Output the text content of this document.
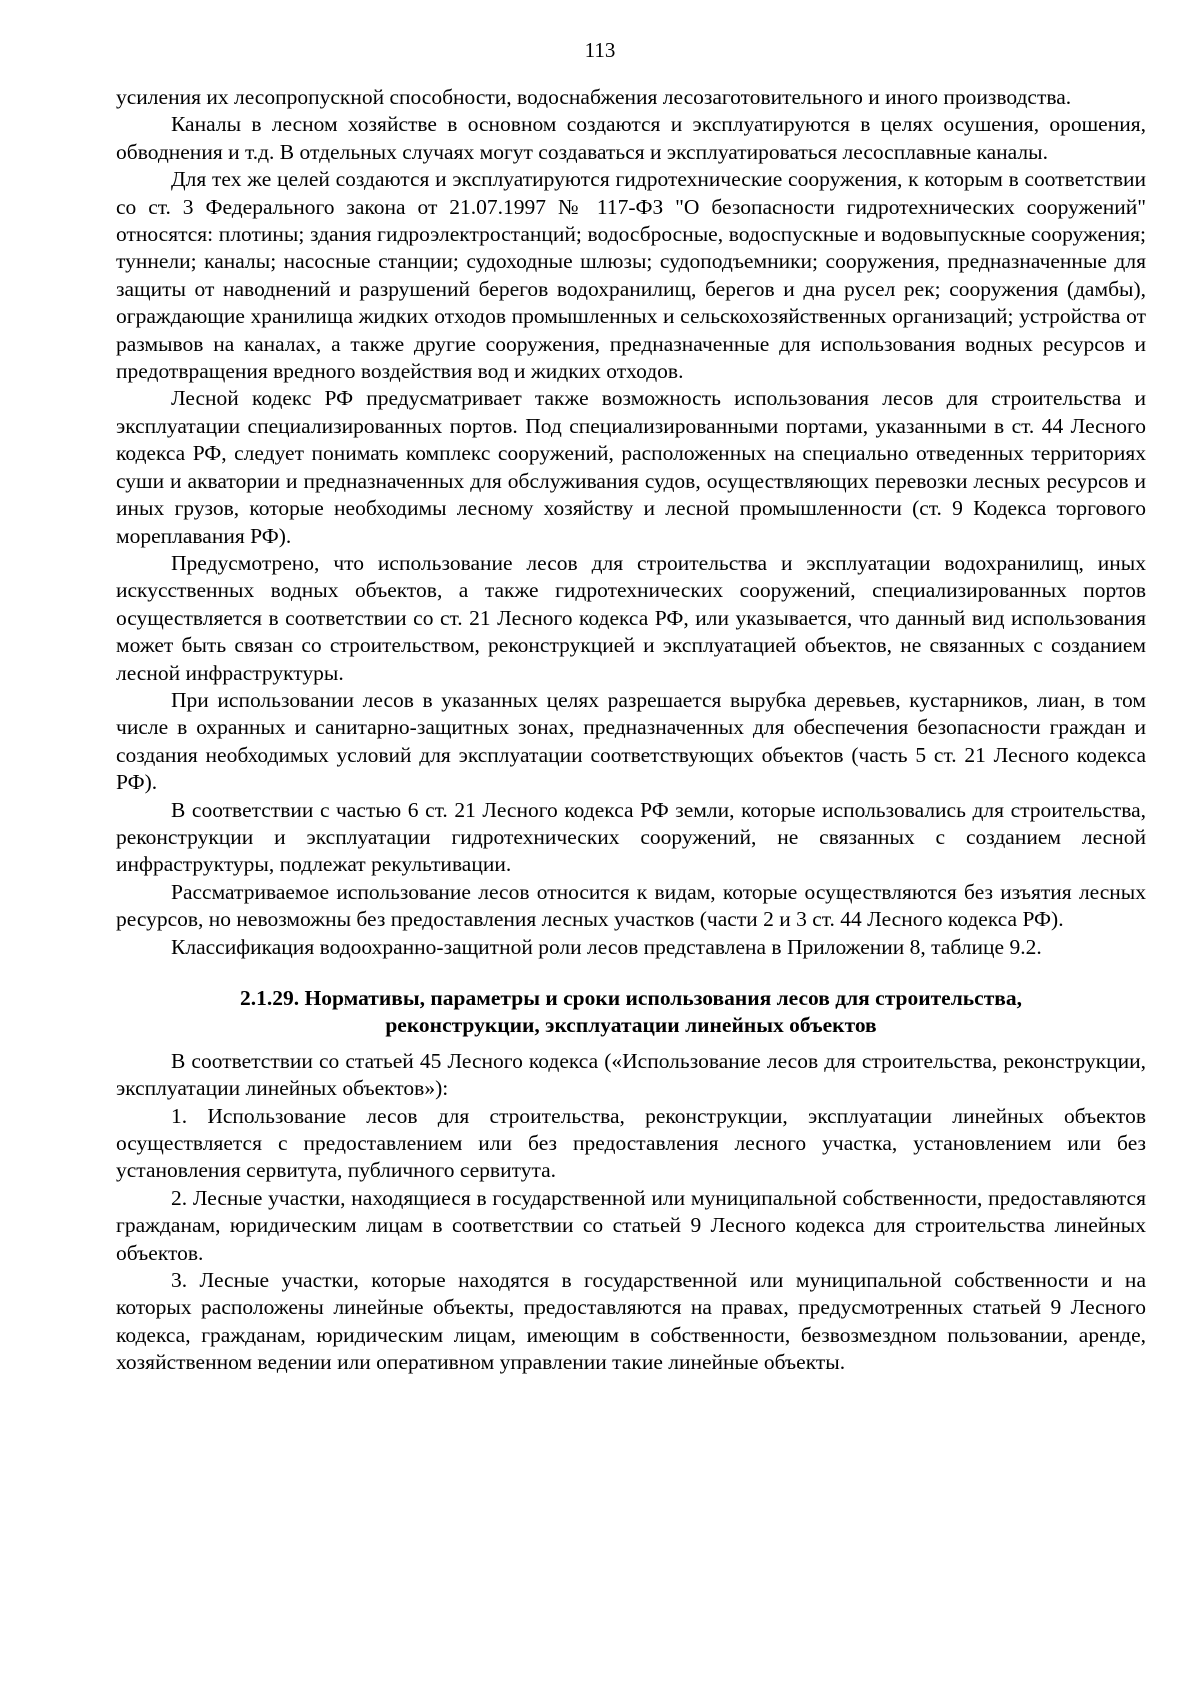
113

усиления их лесопропускной способности, водоснабжения лесозаготовительного и иного производства.

Каналы в лесном хозяйстве в основном создаются и эксплуатируются в целях осушения, орошения, обводнения и т.д. В отдельных случаях могут создаваться и эксплуатироваться лесосплавные каналы.

Для тех же целей создаются и эксплуатируются гидротехнические сооружения, к которым в соответствии со ст. 3 Федерального закона от 21.07.1997 № 117-ФЗ "О безопасности гидротехнических сооружений" относятся: плотины; здания гидроэлектростанций; водосбросные, водоспускные и водовыпускные сооружения; туннели; каналы; насосные станции; судоходные шлюзы; судоподъемники; сооружения, предназначенные для защиты от наводнений и разрушений берегов водохранилищ, берегов и дна русел рек; сооружения (дамбы), ограждающие хранилища жидких отходов промышленных и сельскохозяйственных организаций; устройства от размывов на каналах, а также другие сооружения, предназначенные для использования водных ресурсов и предотвращения вредного воздействия вод и жидких отходов.

Лесной кодекс РФ предусматривает также возможность использования лесов для строительства и эксплуатации специализированных портов. Под специализированными портами, указанными в ст. 44 Лесного кодекса РФ, следует понимать комплекс сооружений, расположенных на специально отведенных территориях суши и акватории и предназначенных для обслуживания судов, осуществляющих перевозки лесных ресурсов и иных грузов, которые необходимы лесному хозяйству и лесной промышленности (ст. 9 Кодекса торгового мореплавания РФ).

Предусмотрено, что использование лесов для строительства и эксплуатации водохранилищ, иных искусственных водных объектов, а также гидротехнических сооружений, специализированных портов осуществляется в соответствии со ст. 21 Лесного кодекса РФ, или указывается, что данный вид использования может быть связан со строительством, реконструкцией и эксплуатацией объектов, не связанных с созданием лесной инфраструктуры.

При использовании лесов в указанных целях разрешается вырубка деревьев, кустарников, лиан, в том числе в охранных и санитарно-защитных зонах, предназначенных для обеспечения безопасности граждан и создания необходимых условий для эксплуатации соответствующих объектов (часть 5 ст. 21 Лесного кодекса РФ).

В соответствии с частью 6 ст. 21 Лесного кодекса РФ земли, которые использовались для строительства, реконструкции и эксплуатации гидротехнических сооружений, не связанных с созданием лесной инфраструктуры, подлежат рекультивации.

Рассматриваемое использование лесов относится к видам, которые осуществляются без изъятия лесных ресурсов, но невозможны без предоставления лесных участков (части 2 и 3 ст. 44 Лесного кодекса РФ).

Классификация водоохранно-защитной роли лесов представлена в Приложении 8, таблице 9.2.

2.1.29. Нормативы, параметры и сроки использования лесов для строительства,
реконструкции, эксплуатации линейных объектов

В соответствии со статьей 45 Лесного кодекса («Использование лесов для строительства, реконструкции, эксплуатации линейных объектов»):

1. Использование лесов для строительства, реконструкции, эксплуатации линейных объектов осуществляется с предоставлением или без предоставления лесного участка, установлением или без установления сервитута, публичного сервитута.

2. Лесные участки, находящиеся в государственной или муниципальной собственности, предоставляются гражданам, юридическим лицам в соответствии со статьей 9 Лесного кодекса для строительства линейных объектов.

3. Лесные участки, которые находятся в государственной или муниципальной собственности и на которых расположены линейные объекты, предоставляются на правах, предусмотренных статьей 9 Лесного кодекса, гражданам, юридическим лицам, имеющим в собственности, безвозмездном пользовании, аренде, хозяйственном ведении или оперативном управлении такие линейные объекты.
